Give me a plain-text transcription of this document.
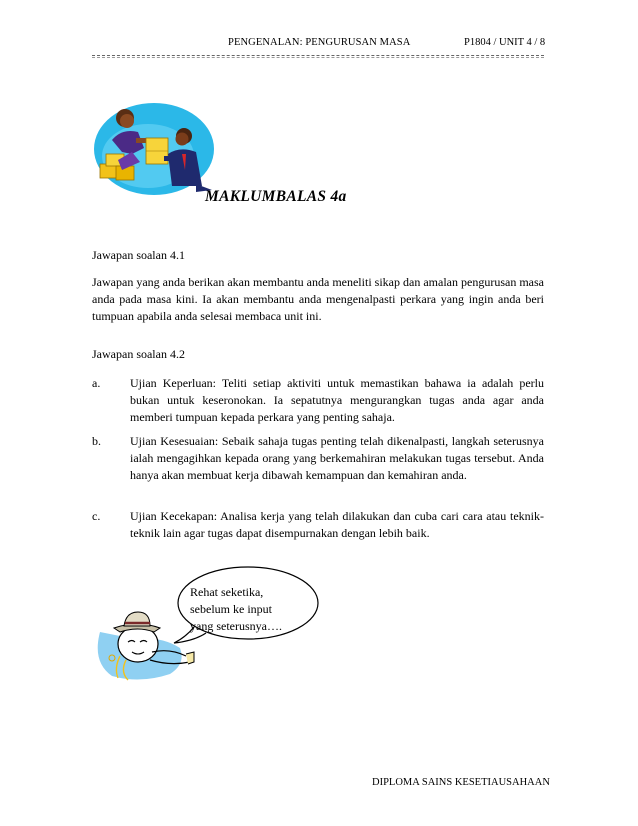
PENGENALAN: PENGURUSAN MASA	P1804 / UNIT 4 / 8
MAKLUMBALAS 4a
Jawapan soalan 4.1
Jawapan yang anda berikan akan membantu anda meneliti sikap dan amalan pengurusan masa anda pada masa kini. Ia akan membantu anda mengenalpasti perkara yang ingin anda beri tumpuan apabila anda selesai membaca unit ini.
Jawapan soalan 4.2
a.	Ujian Keperluan: Teliti setiap aktiviti untuk memastikan bahawa ia adalah perlu bukan untuk keseronokan. Ia sepatutnya mengurangkan tugas anda agar anda memberi tumpuan kepada perkara yang penting sahaja.
b.	Ujian Kesesuaian: Sebaik sahaja tugas penting telah dikenalpasti, langkah seterusnya ialah mengagihkan kepada orang yang berkemahiran melakukan tugas tersebut. Anda hanya akan membuat kerja dibawah kemampuan dan kemahiran anda.
c.	Ujian Kecekapan: Analisa kerja yang telah dilakukan dan cuba cari cara atau teknik-teknik lain agar tugas dapat disempurnakan dengan lebih baik.
Rehat seketika,
sebelum ke input
yang seterusnya….
DIPLOMA SAINS KESETIAUSAHAAN
